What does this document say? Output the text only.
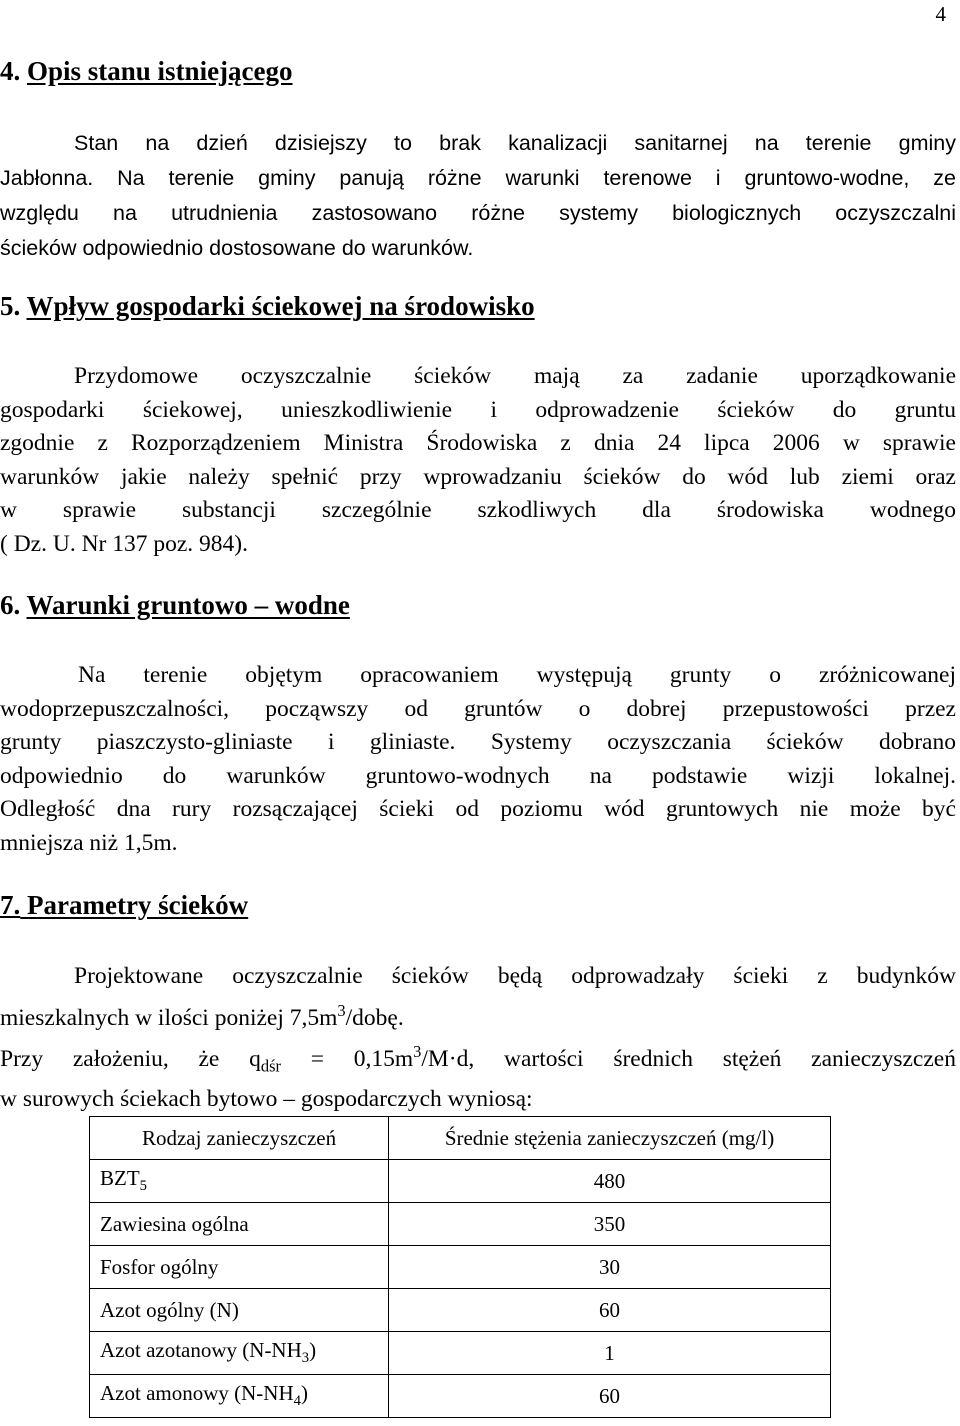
4
4. Opis stanu istniejącego
Stan na dzień dzisiejszy to brak kanalizacji sanitarnej na terenie gminy
Jabłonna. Na terenie gminy panują różne warunki terenowe i gruntowo-wodne, ze
względu na utrudnienia zastosowano różne systemy biologicznych oczyszczalni
ścieków odpowiednio dostosowane do warunków.
5. Wpływ gospodarki ściekowej na środowisko
Przydomowe oczyszczalnie ścieków mają za zadanie uporządkowanie
gospodarki ściekowej, unieszkodliwienie i odprowadzenie ścieków do gruntu
zgodnie z Rozporządzeniem Ministra Środowiska z dnia 24 lipca 2006 w sprawie
warunków jakie należy spełnić przy wprowadzaniu ścieków do wód lub ziemi oraz
w sprawie substancji szczególnie szkodliwych dla środowiska wodnego
( Dz. U. Nr 137 poz. 984).
6. Warunki gruntowo – wodne
Na terenie objętym opracowaniem występują grunty o zróżnicowanej
wodoprzepuszczalności, począwszy od gruntów o dobrej przepustowości przez
grunty piaszczysto-gliniaste i gliniaste. Systemy oczyszczania ścieków dobrano
odpowiednio do warunków gruntowo-wodnych na podstawie wizji lokalnej.
Odległość dna rury rozsączającej ścieki od poziomu wód gruntowych nie może być
mniejsza niż 1,5m.
7. Parametry ścieków
Projektowane oczyszczalnie ścieków będą odprowadzały ścieki z budynków
mieszkalnych w ilości poniżej $7,5m^3$/dobę.
Przy założeniu, że $q_{dśr} = 0,15m^3/M\cdot d$, wartości średnich stężeń zanieczyszczeń
w surowych ściekach bytowo – gospodarczych wyniosą:
Rodzaj zanieczyszczeń	Średnie stężenia zanieczyszczeń (mg/l)
$BZT_5$	480
Zawiesina ogólna	350
Fosfor ogólny	30
Azot ogólny (N)	60
Azot azotanowy $(N-NH_3)$	1
Azot amonowy $(N-NH_4)$	60
